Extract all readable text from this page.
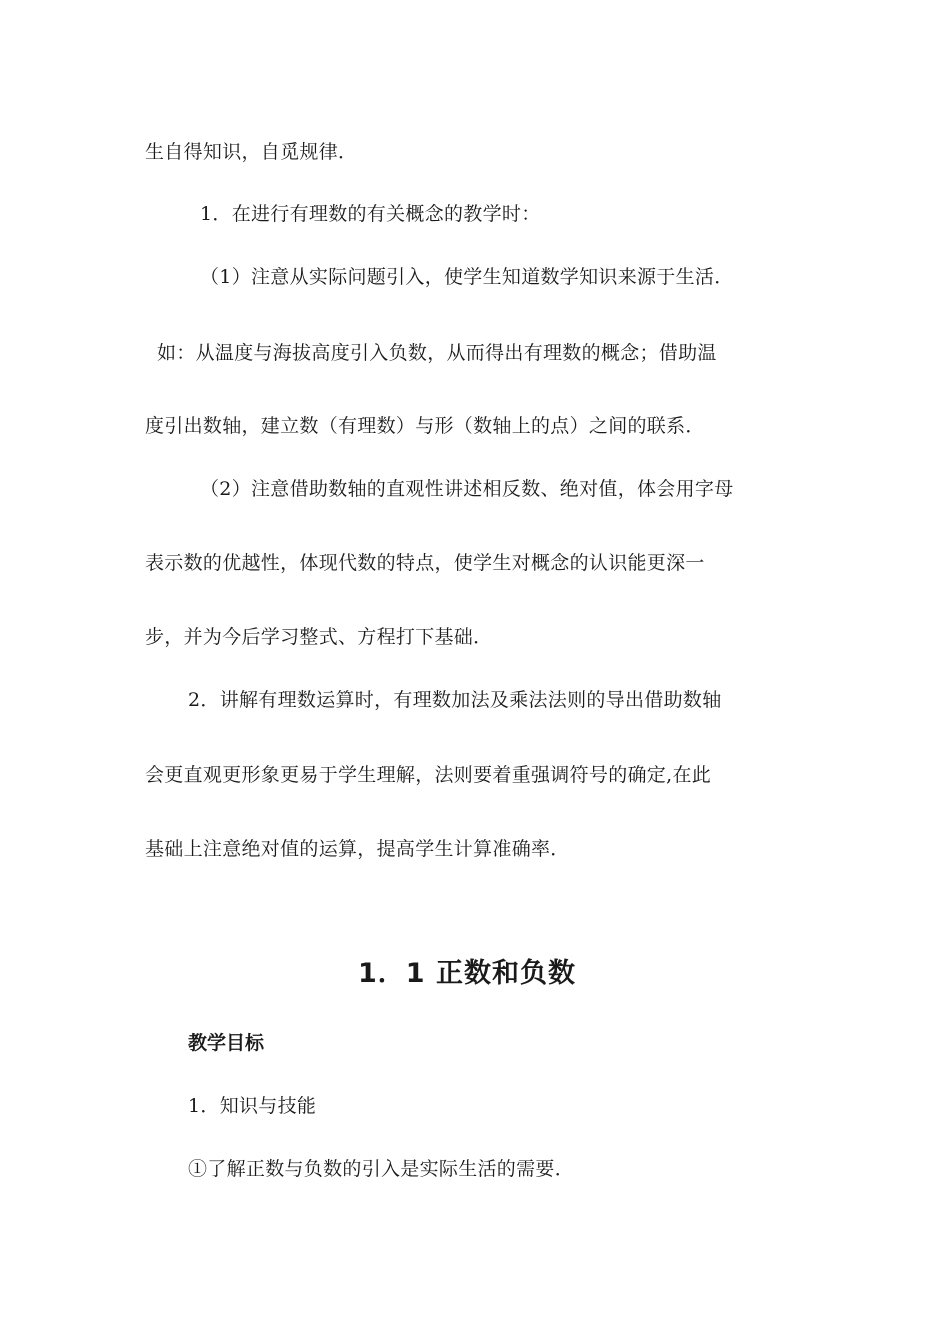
生自得知识，自觅规律．
1．在进行有理数的有关概念的教学时：
（1）注意从实际问题引入，使学生知道数学知识来源于生活．
如：从温度与海拔高度引入负数，从而得出有理数的概念；借助温
度引出数轴，建立数（有理数）与形（数轴上的点）之间的联系．
（2）注意借助数轴的直观性讲述相反数、绝对值，体会用字母
表示数的优越性，体现代数的特点，使学生对概念的认识能更深一
步，并为今后学习整式、方程打下基础．
2．讲解有理数运算时，有理数加法及乘法法则的导出借助数轴
会更直观更形象更易于学生理解，法则要着重强调符号的确定,在此
基础上注意绝对值的运算，提高学生计算准确率．
1．1 正数和负数
教学目标
1．知识与技能
①了解正数与负数的引入是实际生活的需要．
